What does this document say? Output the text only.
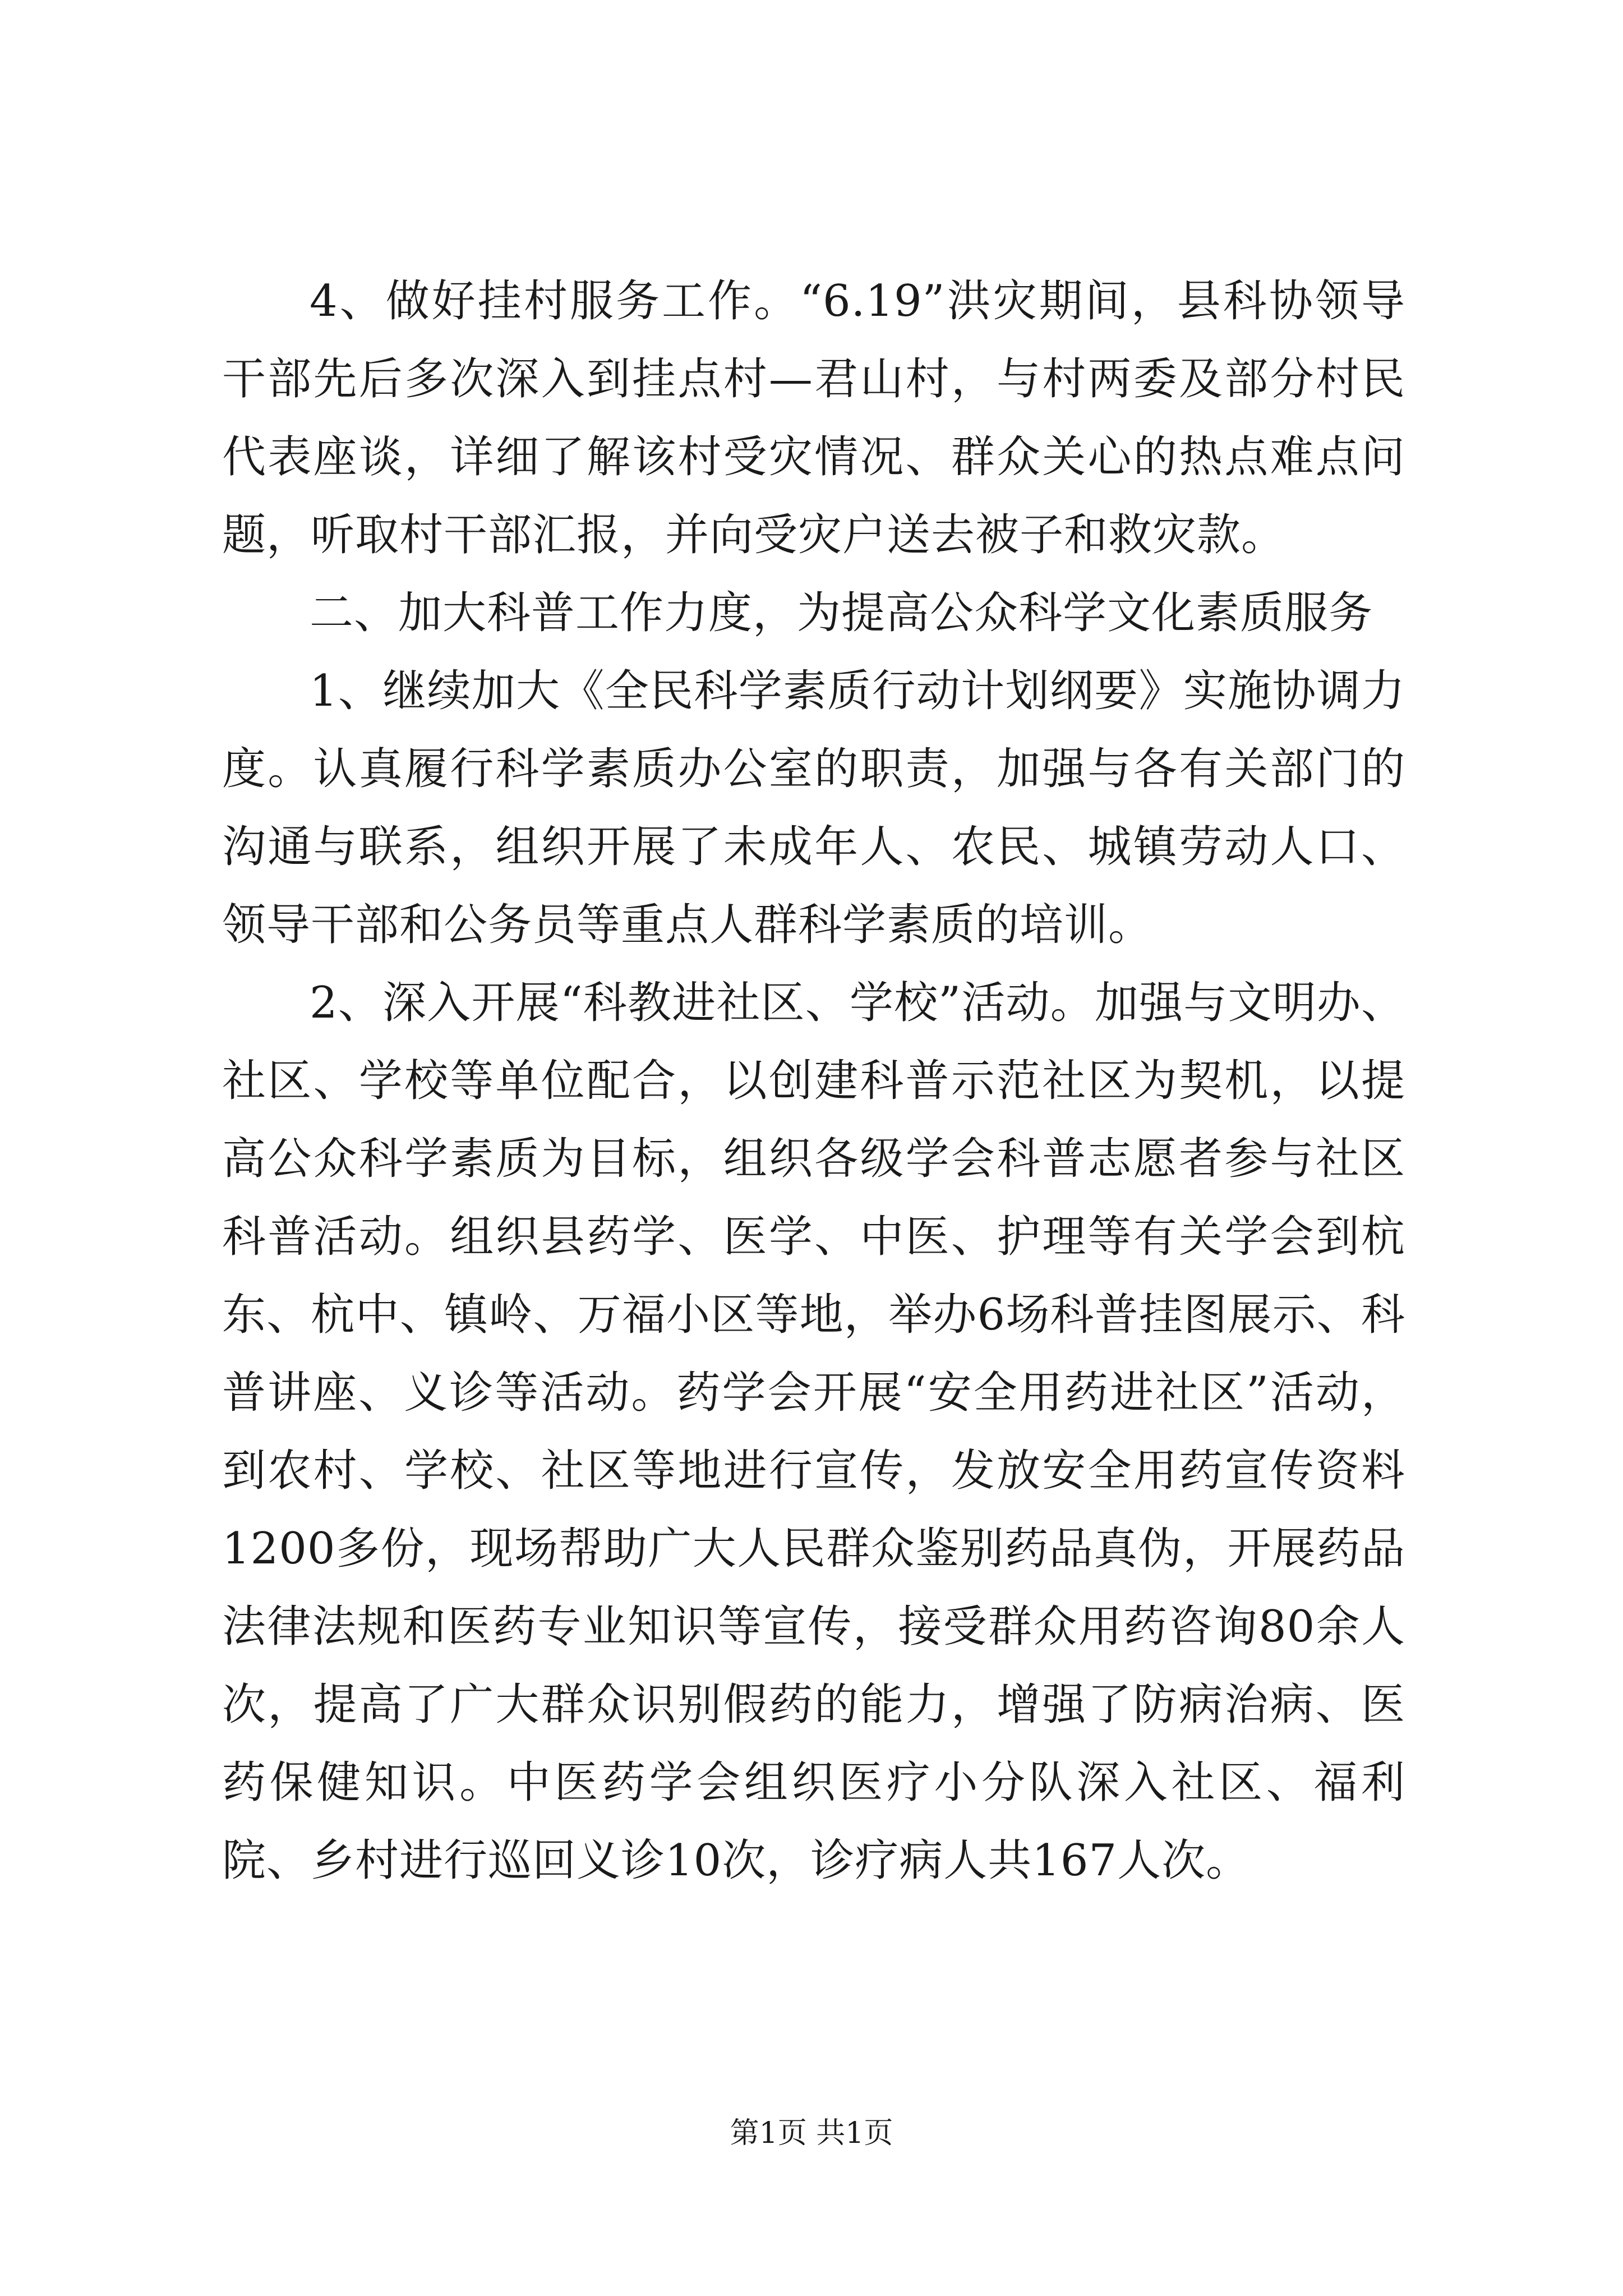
4、做好挂村服务工作。“6.19”洪灾期间，县科协领导干部先后多次深入到挂点村—君山村，与村两委及部分村民代表座谈，详细了解该村受灾情况、群众关心的热点难点问题，听取村干部汇报，并向受灾户送去被子和救灾款。

二、加大科普工作力度，为提高公众科学文化素质服务

1、继续加大《全民科学素质行动计划纲要》实施协调力度。认真履行科学素质办公室的职责，加强与各有关部门的沟通与联系，组织开展了未成年人、农民、城镇劳动人口、领导干部和公务员等重点人群科学素质的培训。

2、深入开展“科教进社区、学校”活动。加强与文明办、社区、学校等单位配合，以创建科普示范社区为契机，以提高公众科学素质为目标，组织各级学会科普志愿者参与社区科普活动。组织县药学、医学、中医、护理等有关学会到杭东、杭中、镇岭、万福小区等地，举办6场科普挂图展示、科普讲座、义诊等活动。药学会开展“安全用药进社区”活动，到农村、学校、社区等地进行宣传，发放安全用药宣传资料1200多份，现场帮助广大人民群众鉴别药品真伪，开展药品法律法规和医药专业知识等宣传，接受群众用药咨询80余人次，提高了广大群众识别假药的能力，增强了防病治病、医药保健知识。中医药学会组织医疗小分队深入社区、福利院、乡村进行巡回义诊10次，诊疗病人共167人次。

第1页 共1页
